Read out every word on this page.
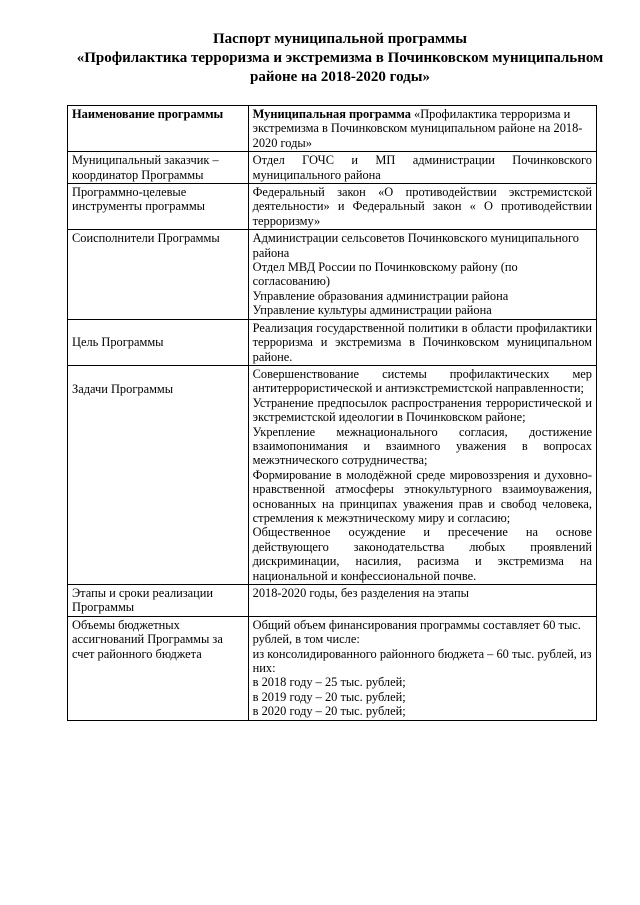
Паспорт муниципальной программы
«Профилактика терроризма и экстремизма в Починковском муниципальном
районе на 2018-2020 годы»
Наименование программы	Муниципальная программа «Профилактика терроризма и экстремизма в Починковском муниципальном районе на 2018-2020 годы»
Муниципальный заказчик – координатор Программы	Отдел ГОЧС и МП администрации Починковского муниципального района
Программно-целевые инструменты программы	Федеральный закон «О противодействии экстремистской деятельности» и Федеральный закон « О противодействии терроризму»
Соисполнители Программы	Администрации сельсоветов Починковского муниципального района

Отдел МВД России по Починковскому району (по согласованию)

Управление образования администрации района

Управление культуры администрации района

Цель Программы	Реализация государственной политики в области профилактики терроризма и экстремизма в Починковском муниципальном районе.
Задачи Программы	Совершенствование системы профилактических мер антитеррористической и антиэкстремистской направленности;

Устранение предпосылок распространения террористической и экстремистской идеологии в Починковском районе;

Укрепление межнационального согласия, достижение взаимопонимания и взаимного уважения в вопросах межэтнического сотрудничества;

Формирование в молодёжной среде мировоззрения и духовно-нравственной атмосферы этнокультурного взаимоуважения, основанных на принципах уважения прав и свобод человека, стремления к межэтническому миру и согласию;

Общественное осуждение и пресечение на основе действующего законодательства любых проявлений дискриминации, насилия, расизма и экстремизма на национальной и конфессиональной почве.

Этапы и сроки реализации Программы	2018-2020 годы, без разделения на этапы
Объемы бюджетных ассигнований Программы за счет районного бюджета	Общий объем финансирования программы составляет 60 тыс. рублей, в том числе:

из консолидированного районного бюджета – 60 тыс. рублей, из них:

в 2018 году – 25 тыс. рублей;

в 2019 году – 20 тыс. рублей;

в 2020 году – 20 тыс. рублей;
